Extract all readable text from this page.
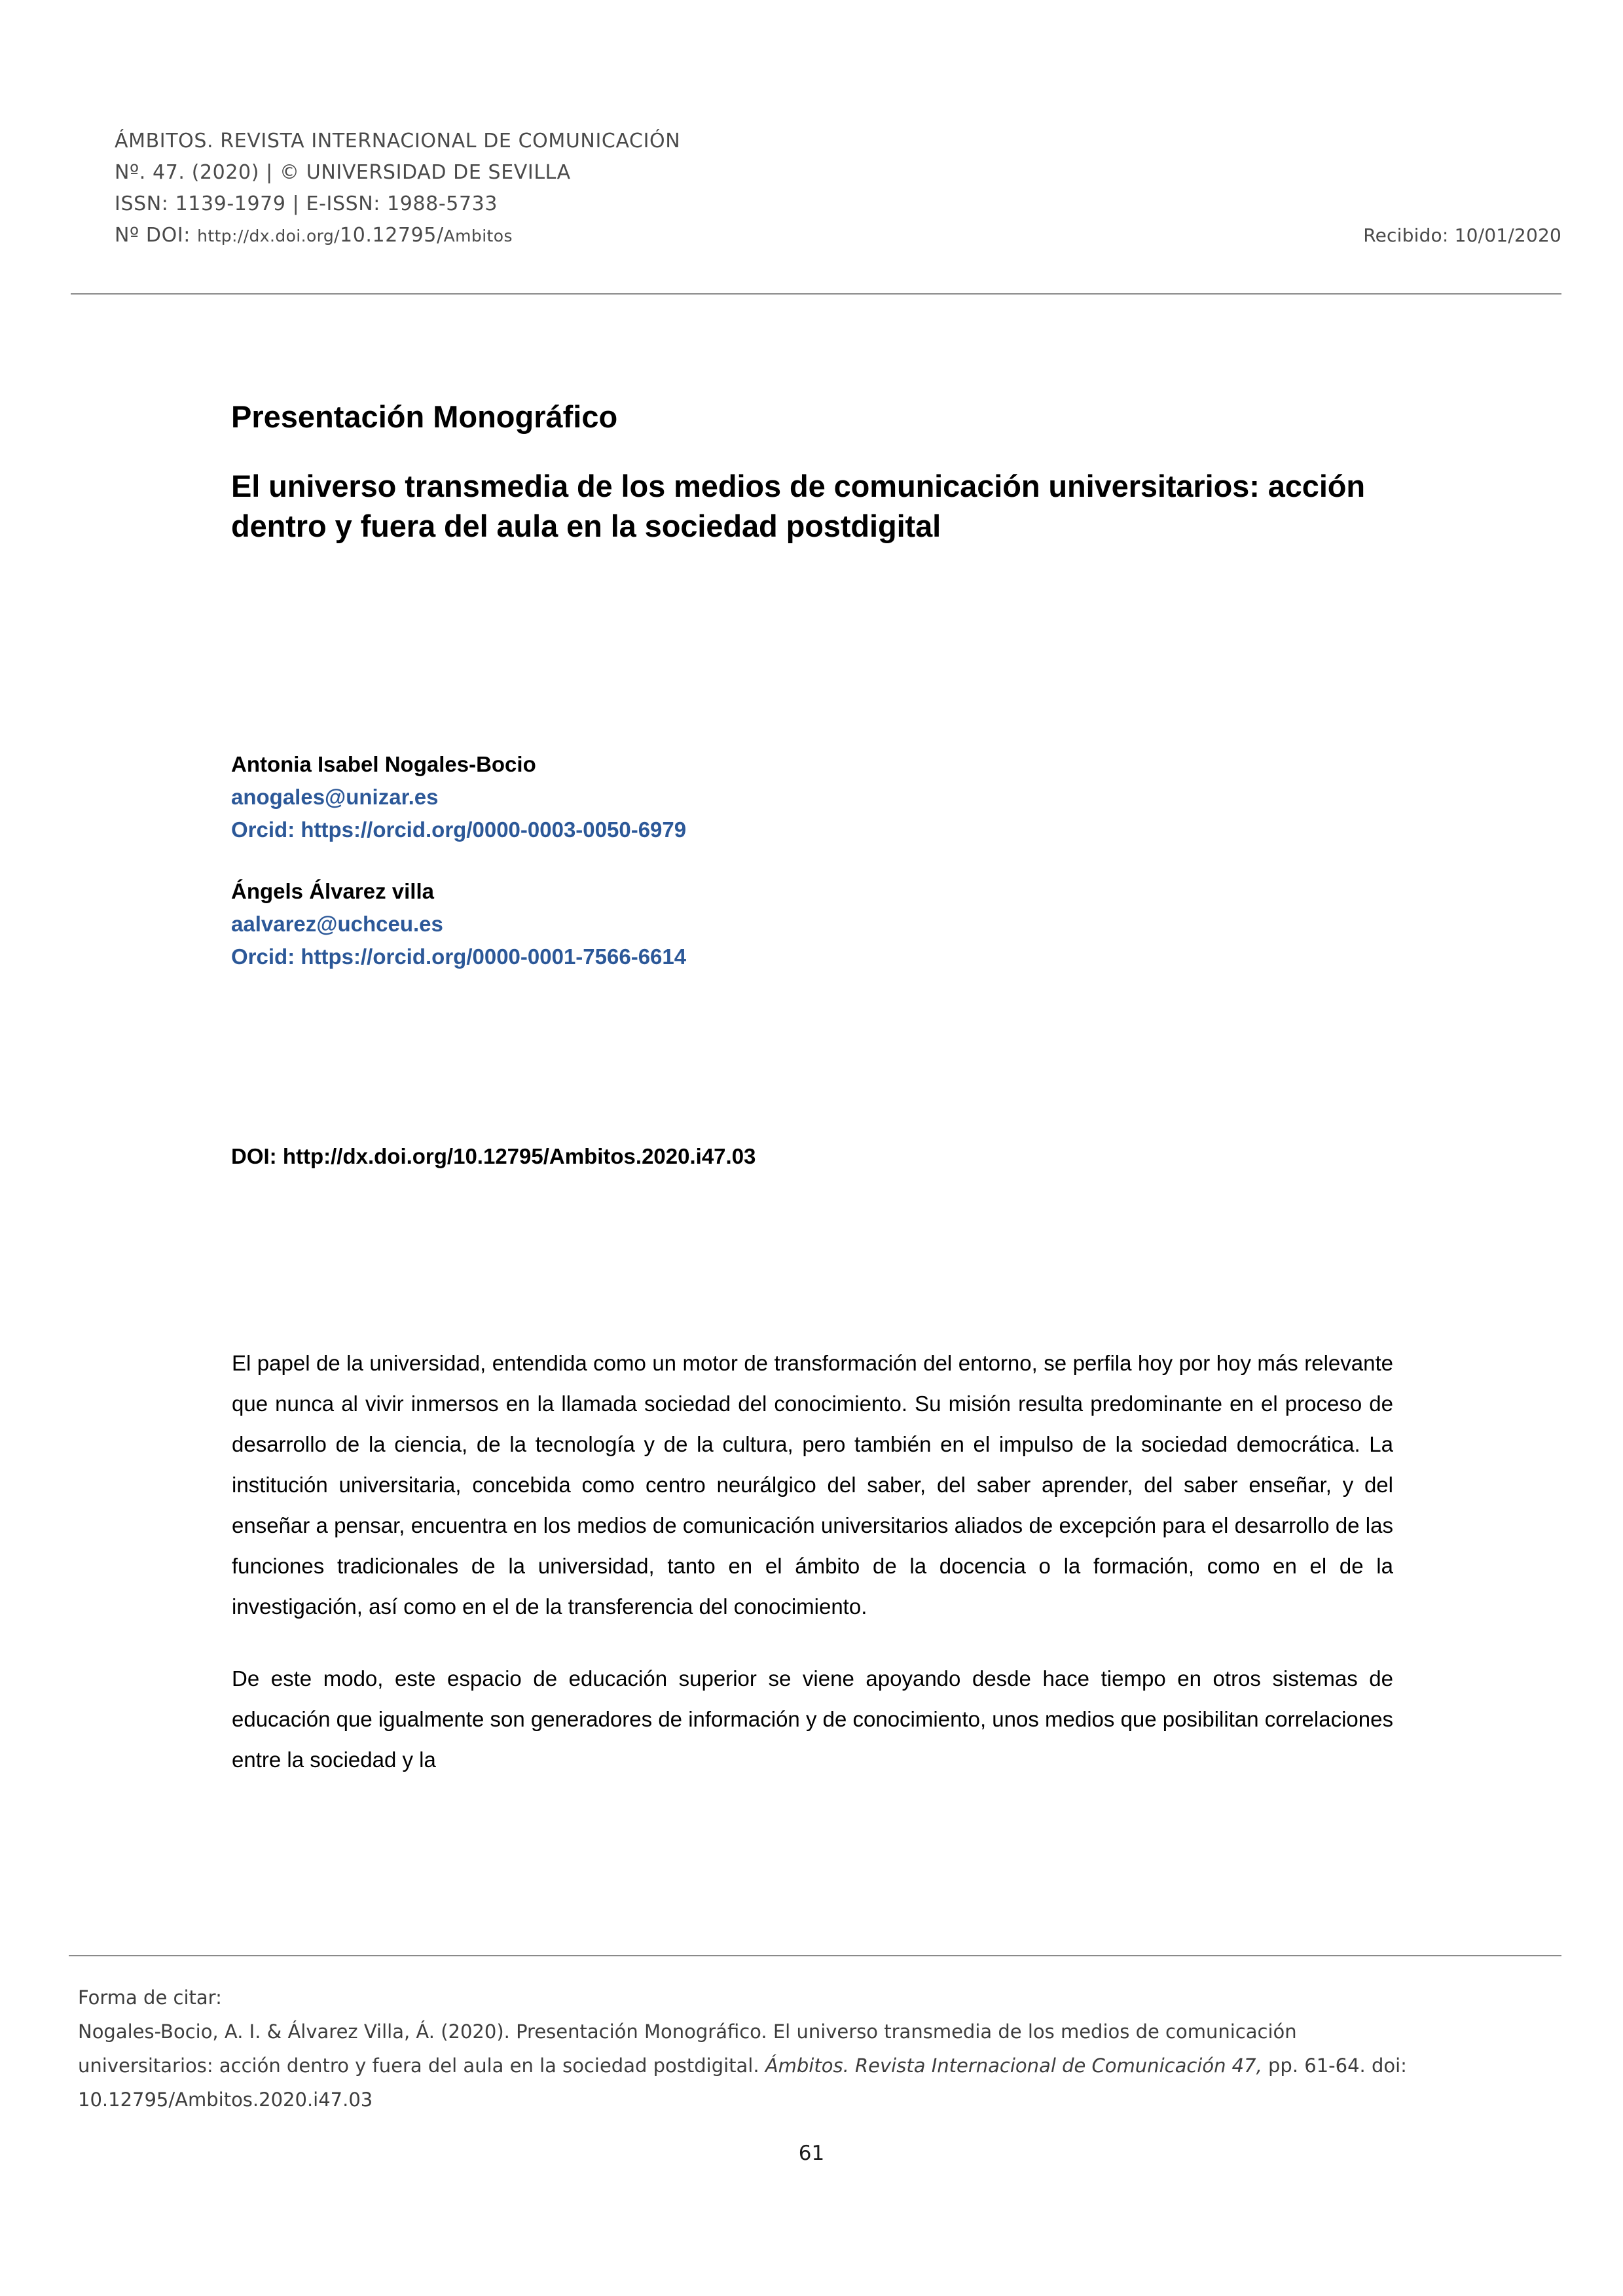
ÁMBITOS. REVISTA INTERNACIONAL DE COMUNICACIÓN
Nº. 47. (2020) | © UNIVERSIDAD DE SEVILLA
ISSN: 1139-1979 | E-ISSN: 1988-5733
Nº DOI: http://dx.doi.org/10.12795/Ambitos	Recibido: 10/01/2020
Presentación Monográfico
El universo transmedia de los medios de comunicación universitarios: acción dentro y fuera del aula en la sociedad postdigital
Antonia Isabel Nogales-Bocio
anogales@unizar.es
Orcid: https://orcid.org/0000-0003-0050-6979
Ángels Álvarez villa
aalvarez@uchceu.es
Orcid: https://orcid.org/0000-0001-7566-6614
DOI: http://dx.doi.org/10.12795/Ambitos.2020.i47.03

El papel de la universidad, entendida como un motor de transformación del entorno, se perfila hoy por hoy más relevante que nunca al vivir inmersos en la llamada sociedad del conocimiento. Su misión resulta predominante en el proceso de desarrollo de la ciencia, de la tecnología y de la cultura, pero también en el impulso de la sociedad democrática. La institución universitaria, concebida como centro neurálgico del saber, del saber aprender, del saber enseñar, y del enseñar a pensar, encuentra en los medios de comunicación universitarios aliados de excepción para el desarrollo de las funciones tradicionales de la universidad, tanto en el ámbito de la docencia o la formación, como en el de la investigación, así como en el de la transferencia del conocimiento.

De este modo, este espacio de educación superior se viene apoyando desde hace tiempo en otros sistemas de educación que igualmente son generadores de información y de conocimiento, unos medios que posibilitan correlaciones entre la sociedad y la

Forma de citar:
Nogales-Bocio, A. I. & Álvarez Villa, Á. (2020). Presentación Monográfico. El universo transmedia de los medios de comunicación universitarios: acción dentro y fuera del aula en la sociedad postdigital. Ámbitos. Revista Internacional de Comunicación 47, pp. 61-64. doi: 10.12795/Ambitos.2020.i47.03
61
